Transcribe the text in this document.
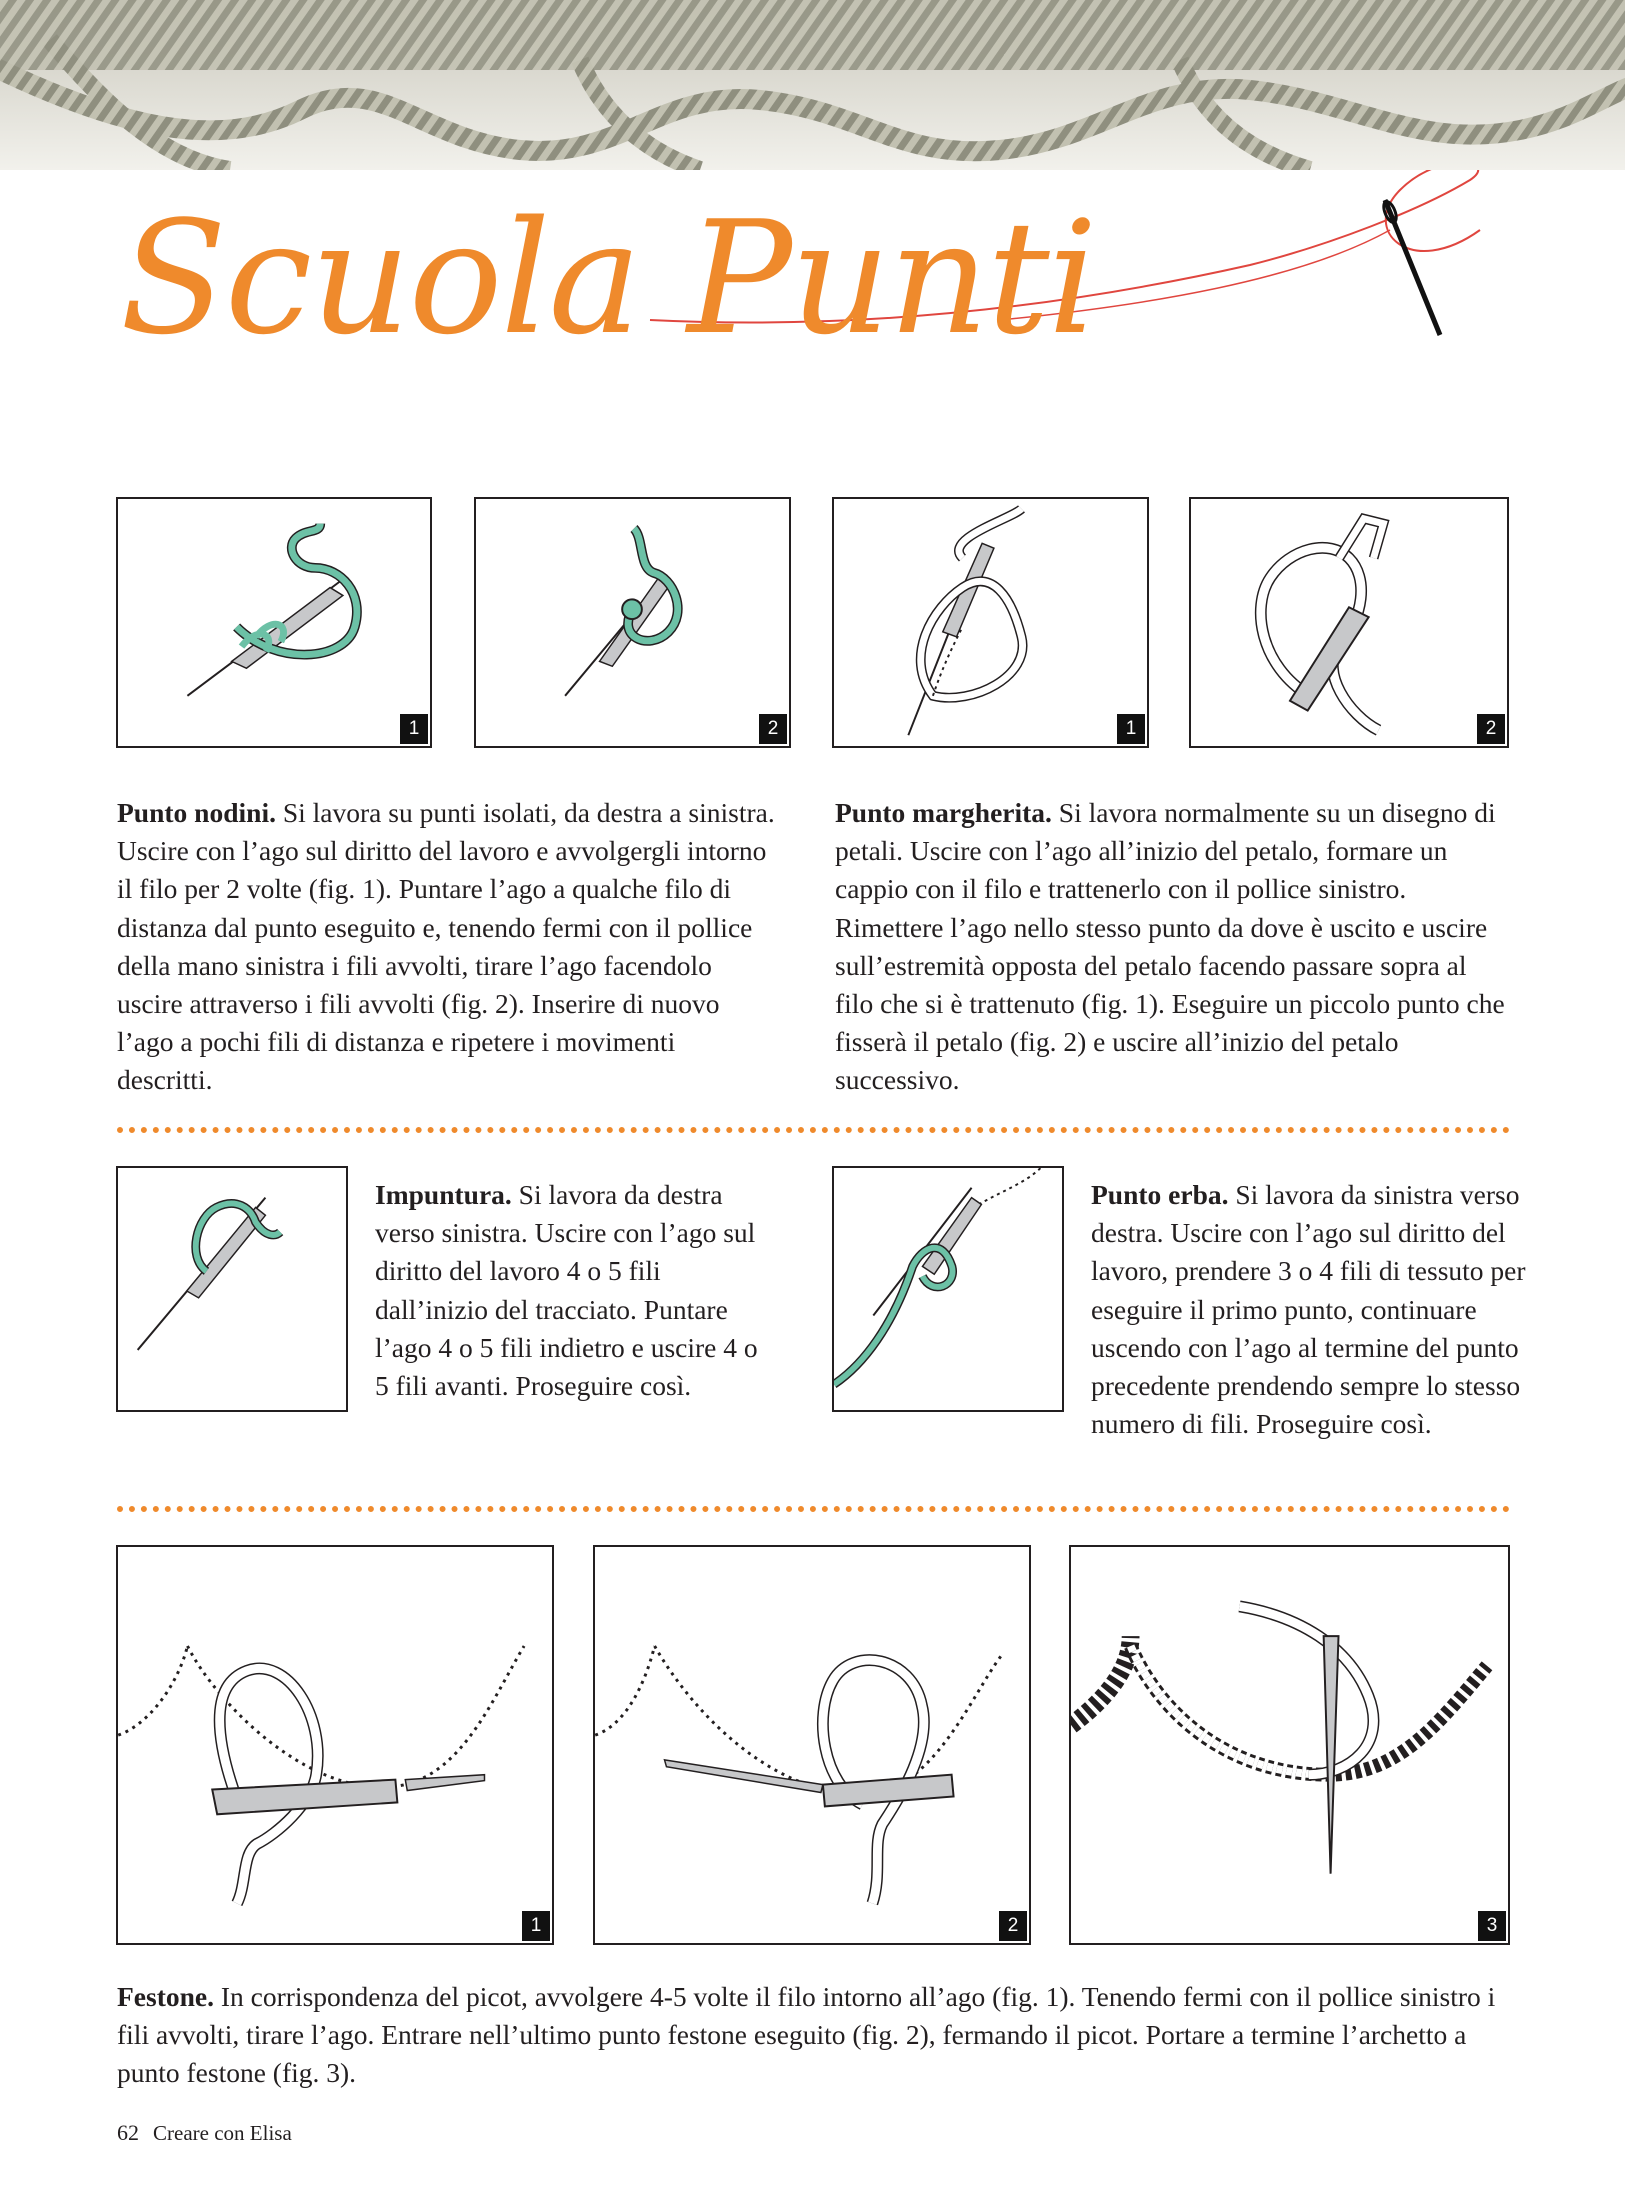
Scuola Punti
1	2	1	2
Punto nodini. Si lavora su punti isolati, da destra a sinistra. Uscire con l’ago sul diritto del lavoro e avvolgergli intorno il filo per 2 volte (fig. 1). Puntare l’ago a qualche filo di distanza dal punto eseguito e, tenendo fermi con il pollice della mano sinistra i fili avvolti, tirare l’ago facendolo uscire attraverso i fili avvolti (fig. 2). Inserire di nuovo l’ago a pochi fili di distanza e ripetere i movimenti descritti.
Punto margherita. Si lavora normalmente su un disegno di petali. Uscire con l’ago all’inizio del petalo, formare un cappio con il filo e trattenerlo con il pollice sinistro. Rimettere l’ago nello stesso punto da dove è uscito e uscire sull’estremità opposta del petalo facendo passare sopra al filo che si è trattenuto (fig. 1). Eseguire un piccolo punto che fisserà il petalo (fig. 2) e uscire all’inizio del petalo successivo.
Impuntura. Si lavora da destra verso sinistra. Uscire con l’ago sul diritto del lavoro 4 o 5 fili dall’inizio del tracciato. Puntare l’ago 4 o 5 fili indietro e uscire 4 o 5 fili avanti. Proseguire così.
Punto erba. Si lavora da sinistra verso destra. Uscire con l’ago sul diritto del lavoro, prendere 3 o 4 fili di tessuto per eseguire il primo punto, continuare uscendo con l’ago al termine del punto precedente prendendo sempre lo stesso numero di fili. Proseguire così.
1	2	3
Festone. In corrispondenza del picot, avvolgere 4-5 volte il filo intorno all’ago (fig. 1). Tenendo fermi con il pollice sinistro i fili avvolti, tirare l’ago. Entrare nell’ultimo punto festone eseguito (fig. 2), fermando il picot. Portare a termine l’archetto a punto festone (fig. 3).
62 Creare con Elisa
